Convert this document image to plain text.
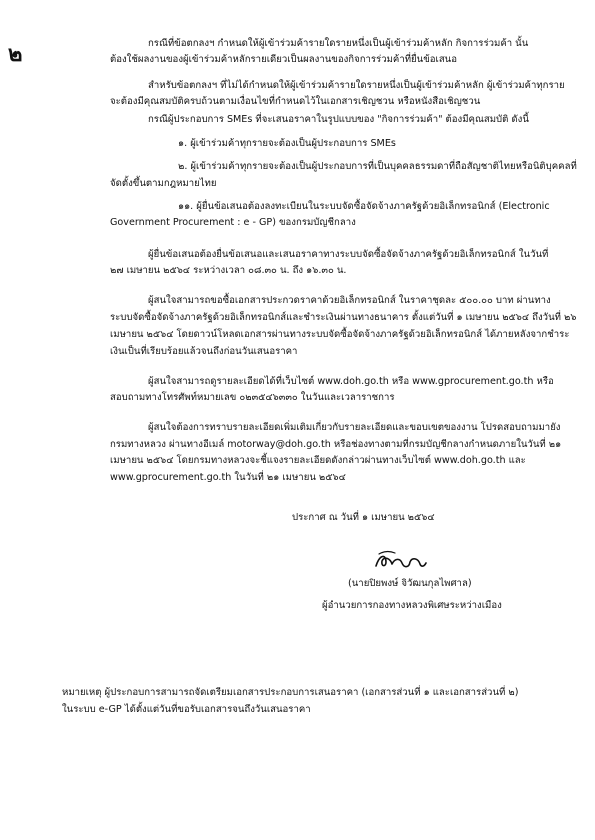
๒	กรณีที่ข้อตกลงฯ กำหนดให้ผู้เข้าร่วมค้ารายใดรายหนึ่งเป็นผู้เข้าร่วมค้าหลัก กิจการร่วมค้า นั้น
ต้องใช้ผลงานของผู้เข้าร่วมค้าหลักรายเดียวเป็นผลงานของกิจการร่วมค้าที่ยื่นข้อเสนอ
สำหรับข้อตกลงฯ ที่ไม่ได้กำหนดให้ผู้เข้าร่วมค้ารายใดรายหนึ่งเป็นผู้เข้าร่วมค้าหลัก ผู้เข้าร่วมค้าทุกราย
จะต้องมีคุณสมบัติครบถ้วนตามเงื่อนไขที่กำหนดไว้ในเอกสารเชิญชวน หรือหนังสือเชิญชวน
กรณีผู้ประกอบการ SMEs ที่จะเสนอราคาในรูปแบบของ "กิจการร่วมค้า" ต้องมีคุณสมบัติ ดังนี้
๑. ผู้เข้าร่วมค้าทุกรายจะต้องเป็นผู้ประกอบการ SMEs
๒. ผู้เข้าร่วมค้าทุกรายจะต้องเป็นผู้ประกอบการที่เป็นบุคคลธรรมดาที่ถือสัญชาติไทยหรือนิติบุคคลที่
จัดตั้งขึ้นตามกฎหมายไทย
๑๑. ผู้ยื่นข้อเสนอต้องลงทะเบียนในระบบจัดซื้อจัดจ้างภาครัฐด้วยอิเล็กทรอนิกส์ (Electronic
Government Procurement : e - GP) ของกรมบัญชีกลาง
ผู้ยื่นข้อเสนอต้องยื่นข้อเสนอและเสนอราคาทางระบบจัดซื้อจัดจ้างภาครัฐด้วยอิเล็กทรอนิกส์ ในวันที่
๒๗ เมษายน ๒๕๖๔ ระหว่างเวลา ๐๘.๓๐ น. ถึง ๑๖.๓๐ น.
ผู้สนใจสามารถขอซื้อเอกสารประกวดราคาด้วยอิเล็กทรอนิกส์ ในราคาชุดละ ๕๐๐.๐๐ บาท ผ่านทาง
ระบบจัดซื้อจัดจ้างภาครัฐด้วยอิเล็กทรอนิกส์และชำระเงินผ่านทางธนาคาร ตั้งแต่วันที่ ๑ เมษายน ๒๕๖๔ ถึงวันที่ ๒๖
เมษายน ๒๕๖๔ โดยดาวน์โหลดเอกสารผ่านทางระบบจัดซื้อจัดจ้างภาครัฐด้วยอิเล็กทรอนิกส์ ได้ภายหลังจากชำระ
เงินเป็นที่เรียบร้อยแล้วจนถึงก่อนวันเสนอราคา
ผู้สนใจสามารถดูรายละเอียดได้ที่เว็บไซต์ www.doh.go.th หรือ www.gprocurement.go.th หรือ
สอบถามทางโทรศัพท์หมายเลข ๐๒๓๕๔๖๓๓๐ ในวันและเวลาราชการ
ผู้สนใจต้องการทราบรายละเอียดเพิ่มเติมเกี่ยวกับรายละเอียดและขอบเขตของงาน โปรดสอบถามมายัง
กรมทางหลวง ผ่านทางอีเมล์ motorway@doh.go.th หรือช่องทางตามที่กรมบัญชีกลางกำหนดภายในวันที่ ๒๑
เมษายน ๒๕๖๔ โดยกรมทางหลวงจะชี้แจงรายละเอียดดังกล่าวผ่านทางเว็บไซต์ www.doh.go.th และ
www.gprocurement.go.th ในวันที่ ๒๑ เมษายน ๒๕๖๔
ประกาศ ณ วันที่ ๑ เมษายน ๒๕๖๔
(นายปิยพงษ์ จิวัฒนกุลไพศาล)
ผู้อำนวยการกองทางหลวงพิเศษระหว่างเมือง
หมายเหตุ ผู้ประกอบการสามารถจัดเตรียมเอกสารประกอบการเสนอราคา (เอกสารส่วนที่ ๑ และเอกสารส่วนที่ ๒)
ในระบบ e-GP ได้ตั้งแต่วันที่ขอรับเอกสารจนถึงวันเสนอราคา
